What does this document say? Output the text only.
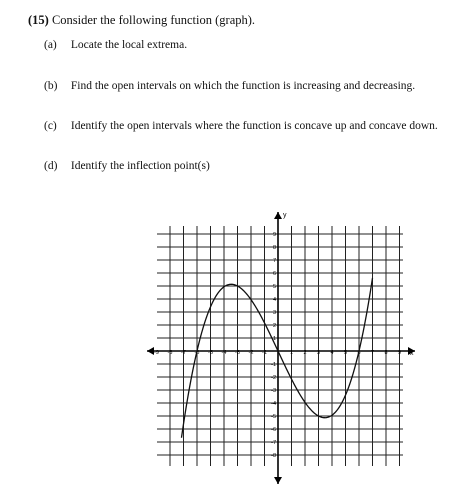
(15) Consider the following function (graph).
(a) Locate the local extrema.
(b) Find the open intervals on which the function is increasing and decreasing.
(c) Identify the open intervals where the function is concave up and concave down.
(d) Identify the inflection point(s)
x
y
-9 -8 -7 -6 -5 -4 -3 -2 -1	1 2 3 4 5 6 7 8 9
9
8
7
6
5
4
3
2
1
-1
-2
-3
-4
-5
-6
-7
-8
